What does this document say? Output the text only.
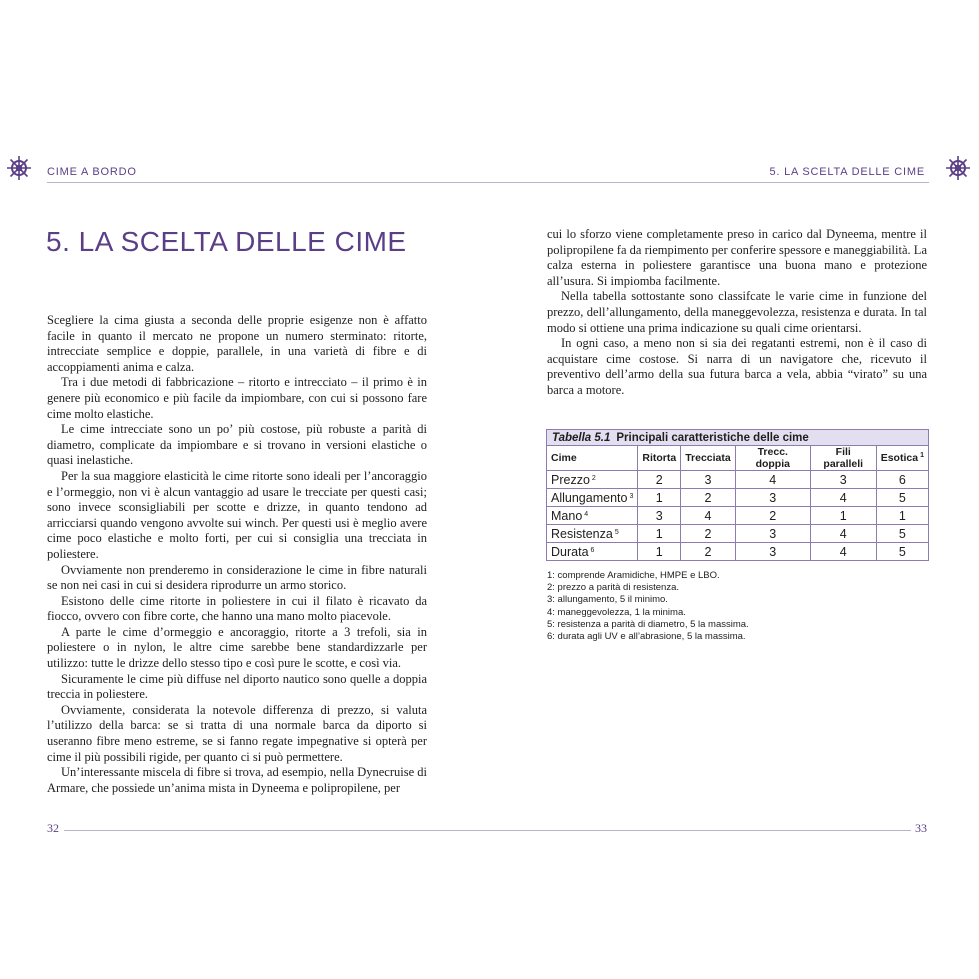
CIME A BORDO	5. LA SCELTA DELLE CIME
5. LA SCELTA DELLE CIME

Scegliere la cima giusta a seconda delle proprie esigenze non è affatto facile in quanto il mercato ne propone un numero sterminato: ritorte, intrecciate semplice e doppie, parallele, in una varietà di fibre e di accoppiamenti anima e calza.

Tra i due metodi di fabbricazione – ritorto e intrecciato – il primo è in genere più economico e più facile da impiombare, con cui si possono fare cime molto elastiche.

Le cime intrecciate sono un po’ più costose, più robuste a parità di diametro, complicate da impiombare e si trovano in versioni elastiche o quasi inelastiche.

Per la sua maggiore elasticità le cime ritorte sono ideali per l’ancoraggio e l’ormeggio, non vi è alcun vantaggio ad usare le trecciate per questi casi; sono invece sconsigliabili per scotte e drizze, in quanto tendono ad arricciarsi quando vengono avvolte sui winch. Per questi usi è meglio avere cime poco elastiche e molto forti, per cui si consiglia una trecciata in poliestere.

Ovviamente non prenderemo in considerazione le cime in fibre naturali se non nei casi in cui si desidera riprodurre un armo storico.

Esistono delle cime ritorte in poliestere in cui il filato è ricavato da fiocco, ovvero con fibre corte, che hanno una mano molto piacevole.

A parte le cime d’ormeggio e ancoraggio, ritorte a 3 trefoli, sia in poliestere o in nylon, le altre cime sarebbe bene standardizzarle per utilizzo: tutte le drizze dello stesso tipo e così pure le scotte, e così via.

Sicuramente le cime più diffuse nel diporto nautico sono quelle a doppia treccia in poliestere.

Ovviamente, considerata la notevole differenza di prezzo, si valuta l’utilizzo della barca: se si tratta di una normale barca da diporto si useranno fibre meno estreme, se si fanno regate impegnative si opterà per cime il più possibili rigide, per quanto ci si può permettere.

Un’interessante miscela di fibre si trova, ad esempio, nella Dynecruise di Armare, che possiede un’anima mista in Dyneema e polipropilene, per

cui lo sforzo viene completamente preso in carico dal Dyneema, mentre il polipropilene fa da riempimento per conferire spessore e maneggiabilità. La calza esterna in poliestere garantisce una buona mano e protezione all’usura. Si impiomba facilmente.

Nella tabella sottostante sono classifcate le varie cime in funzione del prezzo, dell’allungamento, della maneggevolezza, resistenza e durata. In tal modo si ottiene una prima indicazione su quali cime orientarsi.

In ogni caso, a meno non si sia dei regatanti estremi, non è il caso di acquistare cime costose. Si narra di un navigatore che, ricevuto il preventivo dell’armo della sua futura barca a vela, abbia “virato” su una barca a motore.

Tabella 5.1 Principali caratteristiche delle cime
Cime	Ritorta	Trecciata	Trecc. doppia	Fili paralleli	Esotica $^1$
Prezzo $^2$	2	3	4	3	6
Allungamento $^3$	1	2	3	4	5
Mano $^4$	3	4	2	1	1
Resistenza $^5$	1	2	3	4	5
Durata $^6$	1	2	3	4	5
1: comprende Aramidiche, HMPE e LBO.
2: prezzo a parità di resistenza.
3: allungamento, 5 il minimo.
4: maneggevolezza, 1 la minima.
5: resistenza a parità di diametro, 5 la massima.
6: durata agli UV e all’abrasione, 5 la massima.
32	33
